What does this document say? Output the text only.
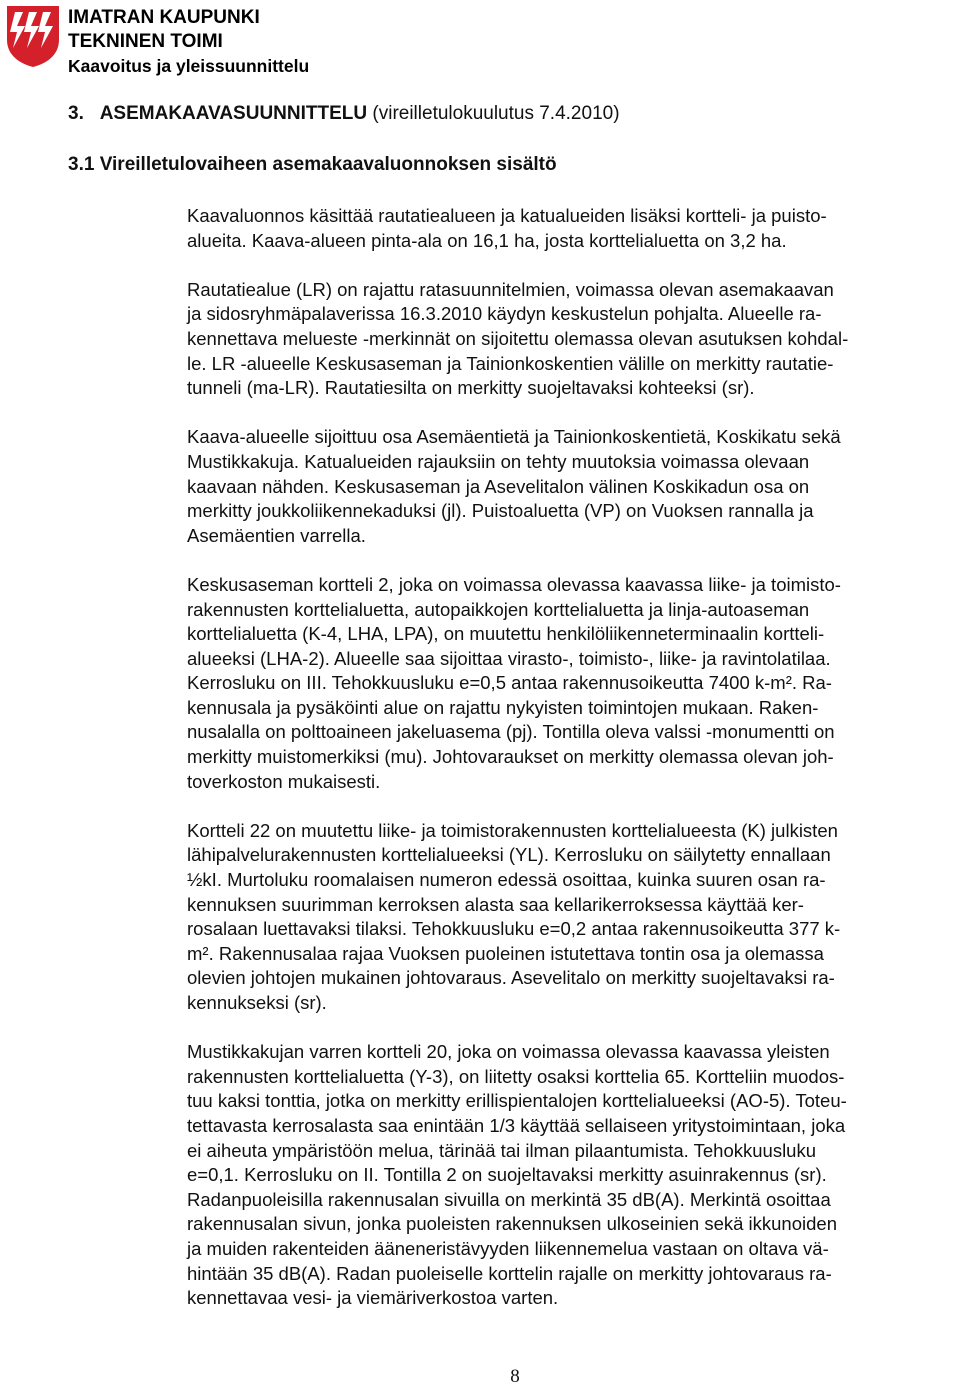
IMATRAN KAUPUNKI
TEKNINEN TOIMI
Kaavoitus ja yleissuunnittelu
3. ASEMAKAAVASUUNNITTELU (vireilletulokuulutus 7.4.2010)
3.1 Vireilletulovaiheen asemakaavaluonnoksen sisältö
Kaavaluonnos käsittää rautatiealueen ja katualueiden lisäksi kortteli- ja puisto-
alueita. Kaava-alueen pinta-ala on 16,1 ha, josta korttelialuetta on 3,2 ha.
Rautatiealue (LR) on rajattu ratasuunnitelmien, voimassa olevan asemakaavan
ja sidosryhmäpalaverissa 16.3.2010 käydyn keskustelun pohjalta. Alueelle ra-
kennettava melueste -merkinnät on sijoitettu olemassa olevan asutuksen kohdal-
le. LR -alueelle Keskusaseman ja Tainionkoskentien välille on merkitty rautatie-
tunneli (ma-LR). Rautatiesilta on merkitty suojeltavaksi kohteeksi (sr).
Kaava-alueelle sijoittuu osa Asemäentietä ja Tainionkoskentietä, Koskikatu sekä
Mustikkakuja. Katualueiden rajauksiin on tehty muutoksia voimassa olevaan
kaavaan nähden. Keskusaseman ja Asevelitalon välinen Koskikadun osa on
merkitty joukkoliikennekaduksi (jl). Puistoaluetta (VP) on Vuoksen rannalla ja
Asemäentien varrella.
Keskusaseman kortteli 2, joka on voimassa olevassa kaavassa liike- ja toimisto-
rakennusten korttelialuetta, autopaikkojen korttelialuetta ja linja-autoaseman
korttelialuetta (K-4, LHA, LPA), on muutettu henkilöliikenneterminaalin kortteli-
alueeksi (LHA-2). Alueelle saa sijoittaa virasto-, toimisto-, liike- ja ravintolatilaa.
Kerrosluku on III. Tehokkuusluku e=0,5 antaa rakennusoikeutta 7400 k-m². Ra-
kennusala ja pysäköinti alue on rajattu nykyisten toimintojen mukaan. Raken-
nusalalla on polttoaineen jakeluasema (pj). Tontilla oleva valssi -monumentti on
merkitty muistomerkiksi (mu). Johtovaraukset on merkitty olemassa olevan joh-
toverkoston mukaisesti.
Kortteli 22 on muutettu liike- ja toimistorakennusten korttelialueesta (K) julkisten
lähipalvelurakennusten korttelialueeksi (YL). Kerrosluku on säilytetty ennallaan
½kI. Murtoluku roomalaisen numeron edessä osoittaa, kuinka suuren osan ra-
kennuksen suurimman kerroksen alasta saa kellarikerroksessa käyttää ker-
rosalaan luettavaksi tilaksi. Tehokkuusluku e=0,2 antaa rakennusoikeutta 377 k-
m². Rakennusalaa rajaa Vuoksen puoleinen istutettava tontin osa ja olemassa
olevien johtojen mukainen johtovaraus. Asevelitalo on merkitty suojeltavaksi ra-
kennukseksi (sr).
Mustikkakujan varren kortteli 20, joka on voimassa olevassa kaavassa yleisten
rakennusten korttelialuetta (Y-3), on liitetty osaksi korttelia 65. Kortteliin muodos-
tuu kaksi tonttia, jotka on merkitty erillispientalojen korttelialueeksi (AO-5). Toteu-
tettavasta kerrosalasta saa enintään 1/3 käyttää sellaiseen yritystoimintaan, joka
ei aiheuta ympäristöön melua, tärinää tai ilman pilaantumista. Tehokkuusluku
e=0,1. Kerrosluku on II. Tontilla 2 on suojeltavaksi merkitty asuinrakennus (sr).
Radanpuoleisilla rakennusalan sivuilla on merkintä 35 dB(A). Merkintä osoittaa
rakennusalan sivun, jonka puoleisten rakennuksen ulkoseinien sekä ikkunoiden
ja muiden rakenteiden ääneneristävyyden liikennemelua vastaan on oltava vä-
hintään 35 dB(A). Radan puoleiselle korttelin rajalle on merkitty johtovaraus ra-
kennettavaa vesi- ja viemäriverkostoa varten.
8
